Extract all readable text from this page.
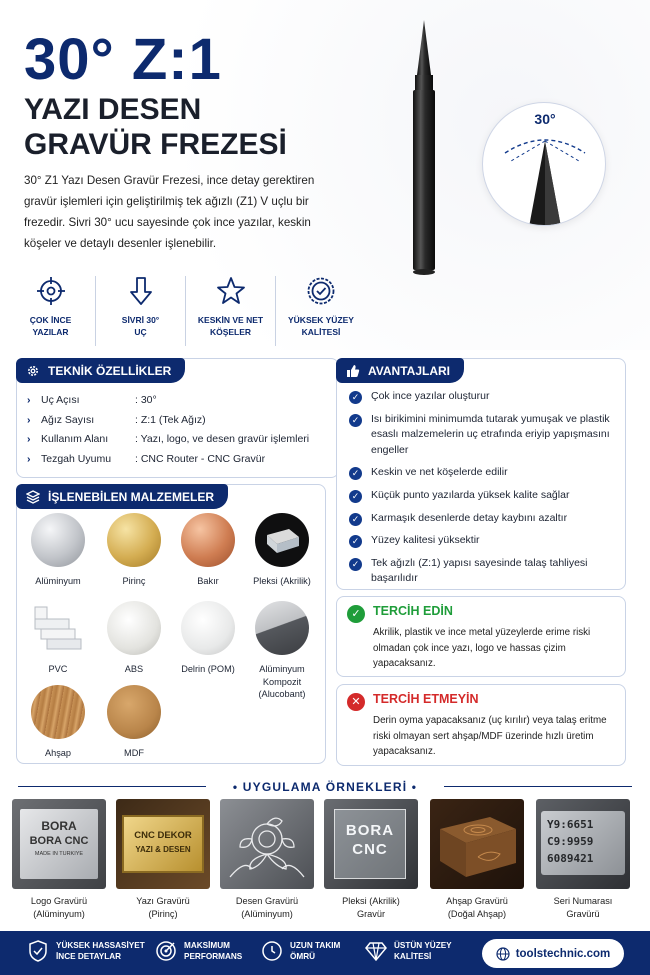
30° Z:1
YAZI DESEN
GRAVÜR FREZESİ
30° Z1 Yazı Desen Gravür Frezesi, ince detay gerektiren gravür işlemleri için geliştirilmiş tek ağızlı (Z1) V uçlu bir frezedir. Sivri 30° ucu sayesinde çok ince yazılar, keskin köşeler ve detaylı desenler işlenebilir.
30°
ÇOK İNCE
YAZILAR
SİVRİ 30°
UÇ
KESKİN VE NET
KÖŞELER
YÜKSEK YÜZEY
KALİTESİ
TEKNİK ÖZELLİKLER
›	Uç Açısı	: 30°
›	Ağız Sayısı	: Z:1 (Tek Ağız)
›	Kullanım Alanı	: Yazı, logo, ve desen gravür işlemleri
›	Tezgah Uyumu	: CNC Router - CNC Gravür
AVANTAJLARI
✓ Çok ince yazılar oluşturur
✓ Isı birikimini minimumda tutarak yumuşak ve plastik esaslı malzemelerin uç etrafında eriyip yapışmasını engeller
✓ Keskin ve net köşelerde edilir
✓ Küçük punto yazılarda yüksek kalite sağlar
✓ Karmaşık desenlerde detay kaybını azaltır
✓ Yüzey kalitesi yüksektir
✓ Tek ağızlı (Z:1) yapısı sayesinde talaş tahliyesi başarılıdır
İŞLENEBİLEN MALZEMELER
Alüminyum	Pirinç	Bakır	Pleksi (Akrilik)
PVC	ABS	Delrin (POM)	Alüminyum Kompozit (Alucobant)
Ahşap	MDF
✓ TERCİH EDİN
Akrilik, plastik ve ince metal yüzeylerde erime riski olmadan çok ince yazı, logo ve hassas çizim yapacaksanız.
✕ TERCİH ETMEYİN
Derin oyma yapacaksanız (uç kırılır) veya talaş eritme riski olmayan sert ahşap/MDF üzerinde hızlı üretim yapacaksanız.
• UYGULAMA ÖRNEKLERİ •
BORA
BORA CNC
MADE IN TURKIYE
Logo Gravürü
(Alüminyum)
CNC DEKOR
YAZI & DESEN
Yazı Gravürü
(Pirinç)
Desen Gravürü
(Alüminyum)
BORA
CNC
Pleksi (Akrilik)
Gravür
Ahşap Gravürü
(Doğal Ahşap)
Y9:6651
C9:9959
6089421
Seri Numarası
Gravürü
YÜKSEK HASSASİYET
İNCE DETAYLAR
MAKSİMUM
PERFORMANS
UZUN TAKIM
ÖMRÜ
ÜSTÜN YÜZEY
KALİTESİ	toolstechnic.com
